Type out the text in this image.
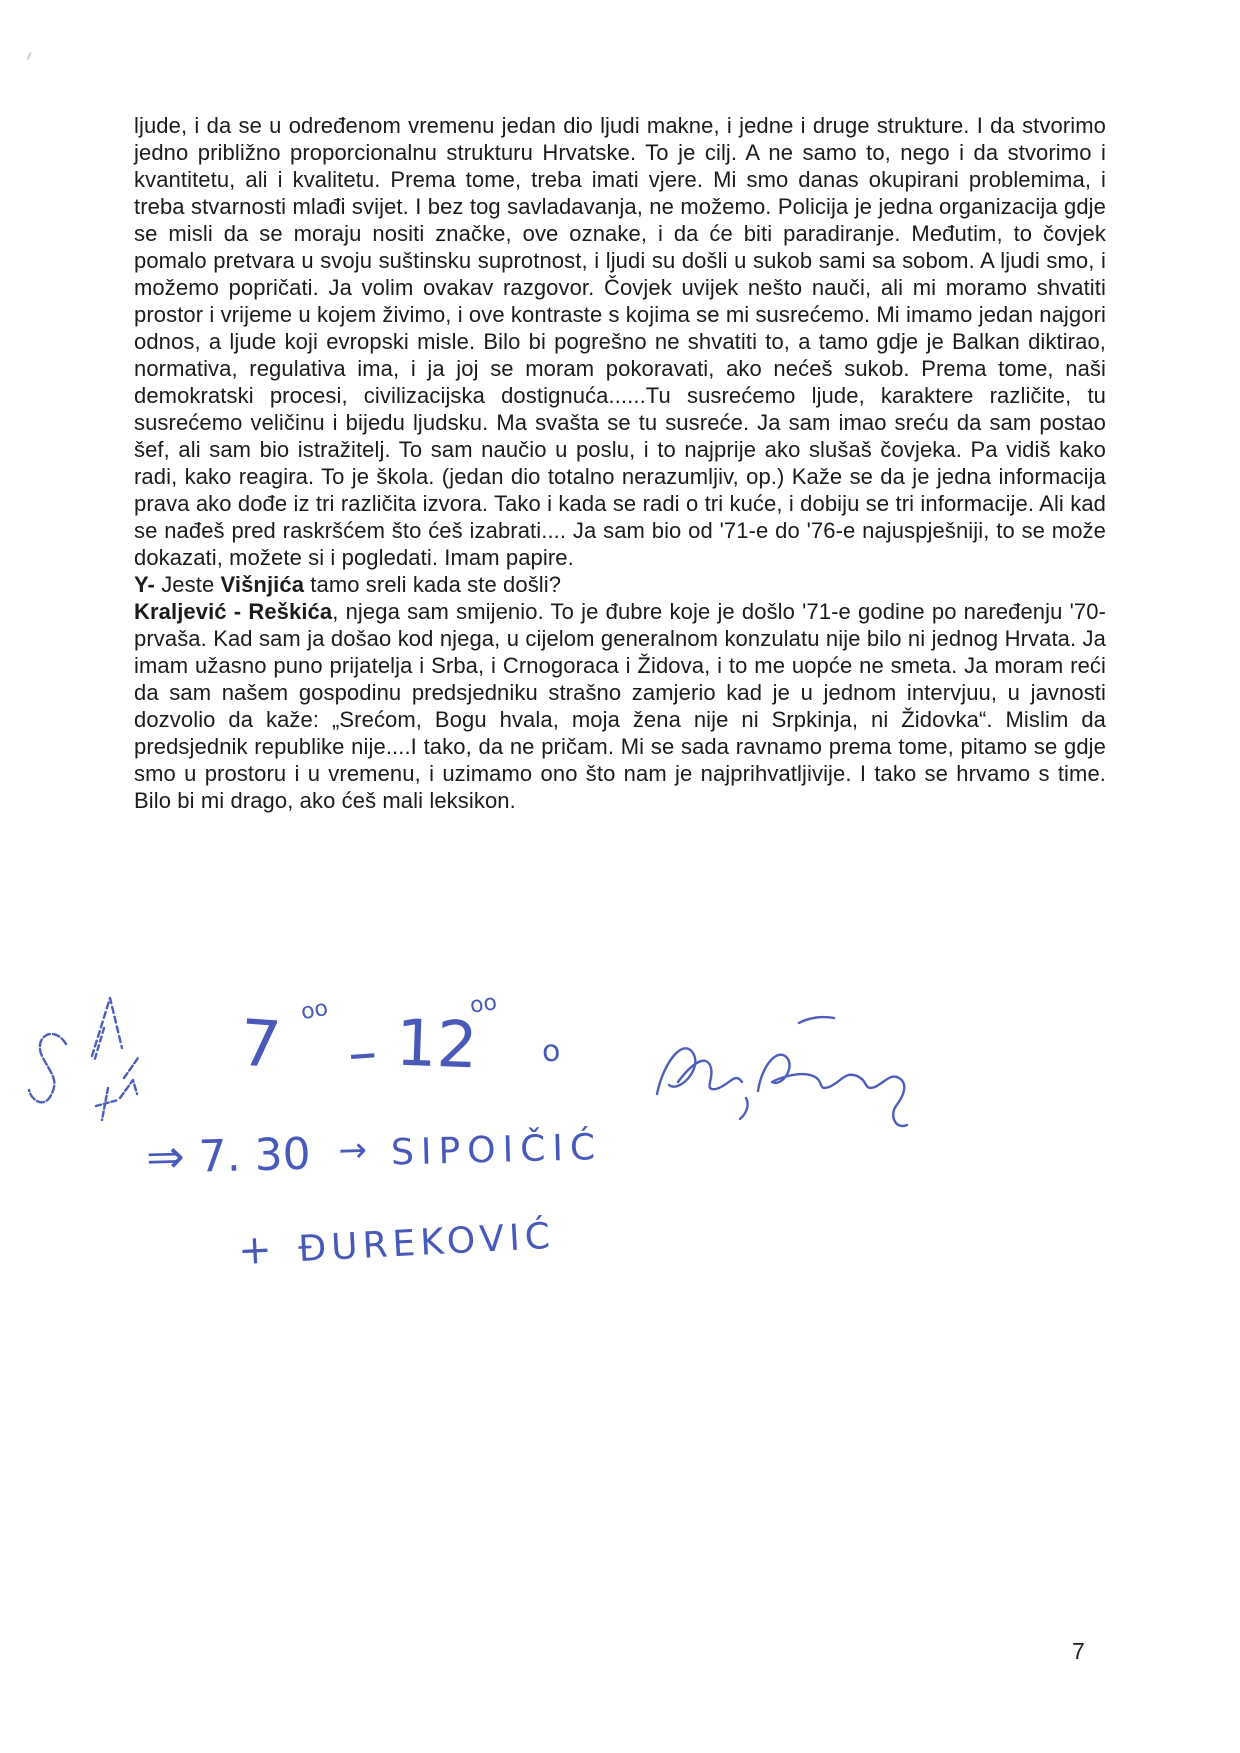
ljude, i da se u određenom vremenu jedan dio ljudi makne, i jedne i druge strukture. I da stvorimo jedno približno proporcionalnu strukturu Hrvatske. To je cilj. A ne samo to, nego i da stvorimo i kvantitetu, ali i kvalitetu. Prema tome, treba imati vjere. Mi smo danas okupirani problemima, i treba stvarnosti mlađi svijet. I bez tog savladavanja, ne možemo. Policija je jedna organizacija gdje se misli da se moraju nositi značke, ove oznake, i da će biti paradiranje. Međutim, to čovjek pomalo pretvara u svoju suštinsku suprotnost, i ljudi su došli u sukob sami sa sobom. A ljudi smo, i možemo popričati. Ja volim ovakav razgovor. Čovjek uvijek nešto nauči, ali mi moramo shvatiti prostor i vrijeme u kojem živimo, i ove kontraste s kojima se mi susrećemo. Mi imamo jedan najgori odnos, a ljude koji evropski misle. Bilo bi pogrešno ne shvatiti to, a tamo gdje je Balkan diktirao, normativa, regulativa ima, i ja joj se moram pokoravati, ako nećeš sukob. Prema tome, naši demokratski procesi, civilizacijska dostignuća......Tu susrećemo ljude, karaktere različite, tu susrećemo veličinu i bijedu ljudsku. Ma svašta se tu susreće. Ja sam imao sreću da sam postao šef, ali sam bio istražitelj. To sam naučio u poslu, i to najprije ako slušaš čovjeka. Pa vidiš kako radi, kako reagira. To je škola. (jedan dio totalno nerazumljiv, op.) Kaže se da je jedna informacija prava ako dođe iz tri različita izvora. Tako i kada se radi o tri kuće, i dobiju se tri informacije. Ali kad se nađeš pred raskršćem što ćeš izabrati.... Ja sam bio od '71-e do '76-e najuspješniji, to se može dokazati, možete si i pogledati. Imam papire.

Y- Jeste Višnjića tamo sreli kada ste došli?

Kraljević - Reškića, njega sam smijenio. To je đubre koje je došlo '71-e godine po naređenju '70-prvaša. Kad sam ja došao kod njega, u cijelom generalnom konzulatu nije bilo ni jednog Hrvata. Ja imam užasno puno prijatelja i Srba, i Crnogoraca i Židova, i to me uopće ne smeta. Ja moram reći da sam našem gospodinu predsjedniku strašno zamjerio kad je u jednom intervjuu, u javnosti dozvolio da kaže: „Srećom, Bogu hvala, moja žena nije ni Srpkinja, ni Židovka“. Mislim da predsjednik republike nije....I tako, da ne pričam. Mi se sada ravnamo prema tome, pitamo se gdje smo u prostoru i u vremenu, i uzimamo ono što nam je najprihvatljivije. I tako se hrvamo s time. Bilo bi mi drago, ako ćeš mali leksikon.

7 oo
– 12
oo
o
⇒ 7. 30 → SIPOIČIĆ
+ ĐUREKOVIĆ
7
